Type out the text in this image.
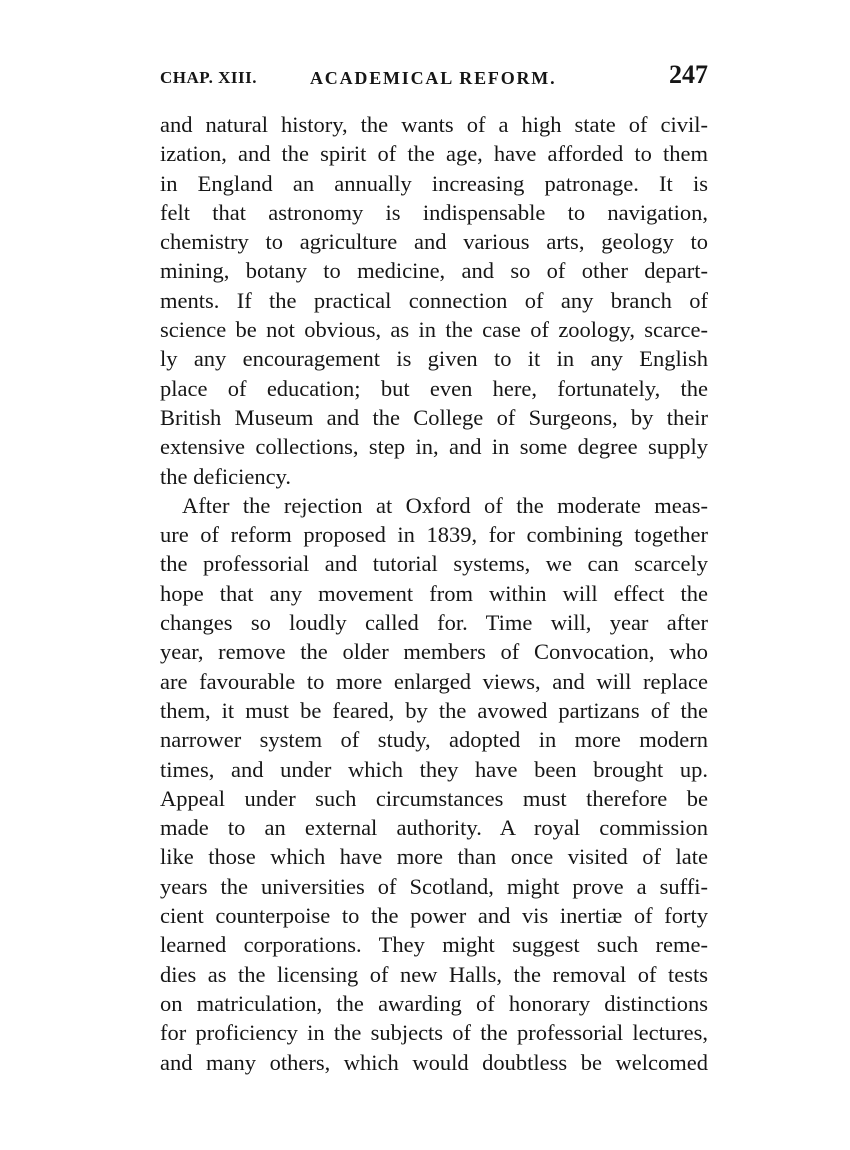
CHAP. XIII.	ACADEMICAL REFORM.	247
and natural history, the wants of a high state of civil-
ization, and the spirit of the age, have afforded to them
in England an annually increasing patronage. It is
felt that astronomy is indispensable to navigation,
chemistry to agriculture and various arts, geology to
mining, botany to medicine, and so of other depart-
ments. If the practical connection of any branch of
science be not obvious, as in the case of zoology, scarce-
ly any encouragement is given to it in any English
place of education; but even here, fortunately, the
British Museum and the College of Surgeons, by their
extensive collections, step in, and in some degree supply
the deficiency.
After the rejection at Oxford of the moderate meas-
ure of reform proposed in 1839, for combining together
the professorial and tutorial systems, we can scarcely
hope that any movement from within will effect the
changes so loudly called for. Time will, year after
year, remove the older members of Convocation, who
are favourable to more enlarged views, and will replace
them, it must be feared, by the avowed partizans of the
narrower system of study, adopted in more modern
times, and under which they have been brought up.
Appeal under such circumstances must therefore be
made to an external authority. A royal commission
like those which have more than once visited of late
years the universities of Scotland, might prove a suffi-
cient counterpoise to the power and vis inertiæ of forty
learned corporations. They might suggest such reme-
dies as the licensing of new Halls, the removal of tests
on matriculation, the awarding of honorary distinctions
for proficiency in the subjects of the professorial lectures,
and many others, which would doubtless be welcomed
